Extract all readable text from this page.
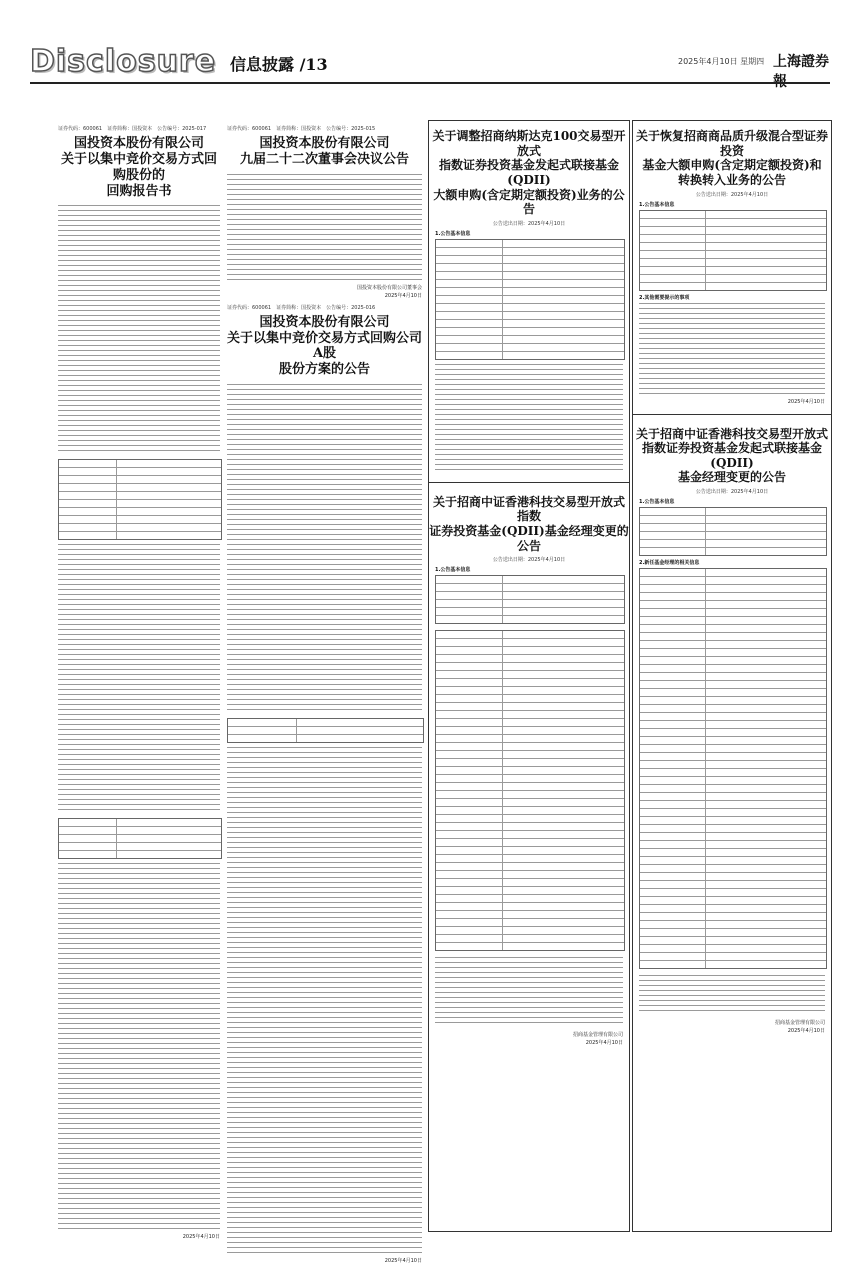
Disclosure 信息披露 /13	2025年4月10日 星期四 上海證券報
证券代码：600061　证券简称：国投资本　公告编号：2025-017
国投资本股份有限公司
关于以集中竞价交易方式回购股份的
回购报告书
2025年4月10日
证券代码：600061　证券简称：国投资本　公告编号：2025-015
国投资本股份有限公司
九届二十二次董事会决议公告
国投资本股份有限公司董事会
2025年4月10日
证券代码：600061　证券简称：国投资本　公告编号：2025-016
国投资本股份有限公司
关于以集中竞价交易方式回购公司A股
股份方案的公告
2025年4月10日
关于调整招商纳斯达克100交易型开放式
指数证券投资基金发起式联接基金(QDII)
大额申购(含定期定额投资)业务的公告
公告送出日期：2025年4月10日
1.公告基本信息
关于招商中证香港科技交易型开放式指数
证券投资基金(QDII)基金经理变更的公告
公告送出日期：2025年4月10日
1.公告基本信息
招商基金管理有限公司
2025年4月10日
关于恢复招商商品质升级混合型证券投资
基金大额申购(含定期定额投资)和
转换转入业务的公告
公告送出日期：2025年4月10日
1.公告基本信息
2.其他需要提示的事项
2025年4月10日
关于招商中证香港科技交易型开放式
指数证券投资基金发起式联接基金(QDII)
基金经理变更的公告
公告送出日期：2025年4月10日
1.公告基本信息
2.新任基金经理的相关信息
招商基金管理有限公司
2025年4月10日
